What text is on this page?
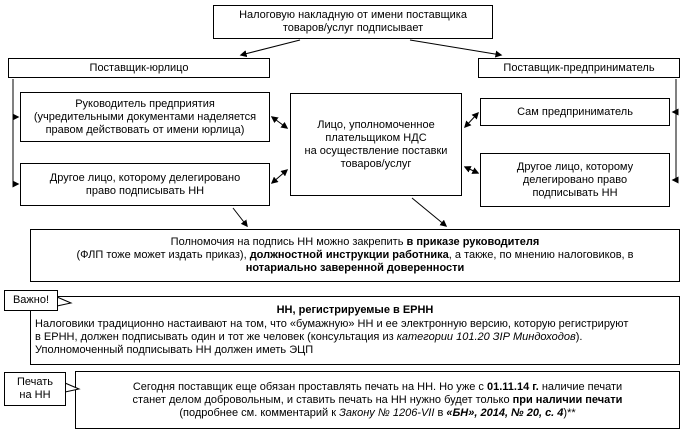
Налоговую накладную от имени поставщика
товаров/услуг подписывает
Поставщик-юрлицо	Поставщик-предприниматель
Руководитель предприятия
(учредительными документами наделяется
правом действовать от имени юрлица)
Другое лицо, которому делегировано
право подписывать НН
Лицо, уполномоченное
плательщиком НДС
на осуществление поставки
товаров/услуг
Сам предприниматель
Другое лицо, которому
делегировано право
подписывать НН
Полномочия на подпись НН можно закрепить в приказе руководителя
(ФЛП тоже может издать приказ), должностной инструкции работника, а также, по мнению налоговиков, в
нотариально заверенной доверенности
НН, регистрируемые в ЕРНН
Налоговики традиционно настаивают на том, что «бумажную» НН и ее электронную версию, которую регистрируют
в ЕРНН, должен подписывать один и тот же человек (консультация из категории 101.20 ЗІР Миндоходов).
Уполномоченный подписывать НН должен иметь ЭЦП
Сегодня поставщик еще обязан проставлять печать на НН. Но уже с 01.11.14 г. наличие печати
станет делом добровольным, и ставить печать на НН нужно будет только при наличии печати
(подробнее см. комментарий к Закону № 1206-VII в «БН», 2014, № 20, с. 4)**
Важно!
Печать
на НН
